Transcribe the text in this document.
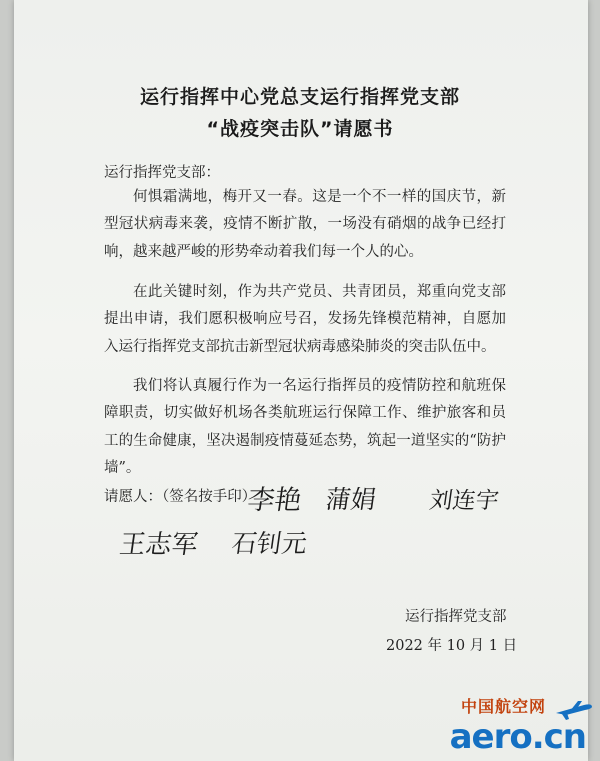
运行指挥中心党总支运行指挥党支部
“战疫突击队”请愿书
运行指挥党支部：
何惧霜满地，梅开又一春。这是一个不一样的国庆节，新型冠状病毒来袭，疫情不断扩散，一场没有硝烟的战争已经打响，越来越严峻的形势牵动着我们每一个人的心。
在此关键时刻，作为共产党员、共青团员，郑重向党支部提出申请，我们愿积极响应号召，发扬先锋模范精神，自愿加入运行指挥党支部抗击新型冠状病毒感染肺炎的突击队伍中。
我们将认真履行作为一名运行指挥员的疫情防控和航班保障职责，切实做好机场各类航班运行保障工作、维护旅客和员工的生命健康，坚决遏制疫情蔓延态势，筑起一道坚实的“防护墙”。
请愿人：（签名按手印）
李艳 蒲娟 刘连宇
王志军 石钊元
运行指挥党支部
2022 年 10 月 1 日
中国航空网
aero.cn
